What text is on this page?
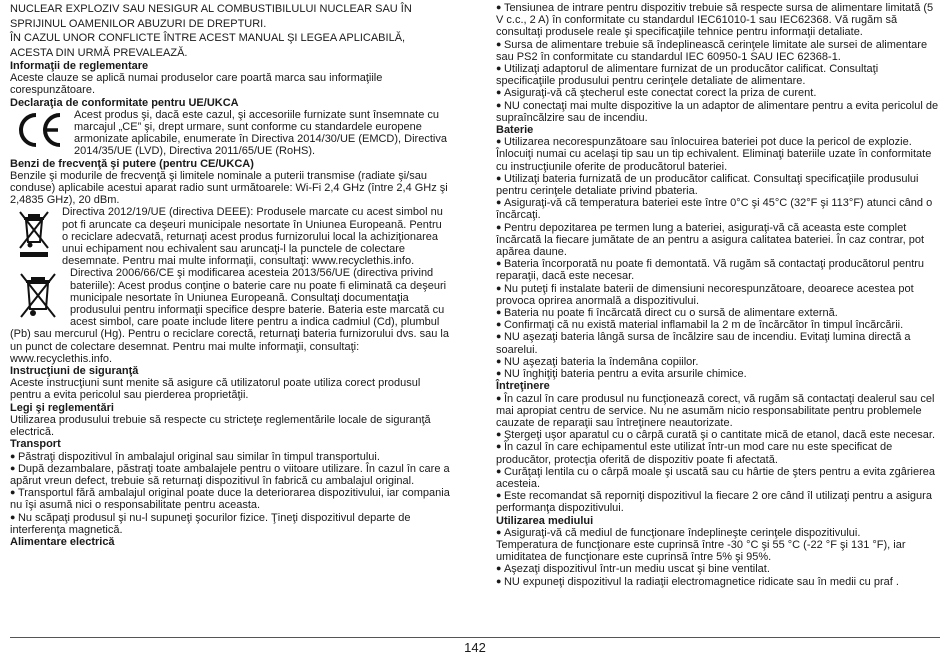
NUCLEAR EXPLOZIV SAU NESIGUR AL COMBUSTIBILULUI NUCLEAR SAU ÎN SPRIJINUL OAMENILOR ABUZURI DE DREPTURI.

ÎN CAZUL UNOR CONFLICTE ÎNTRE ACEST MANUAL ŞI LEGEA APLICABILĂ, ACESTA DIN URMĂ PREVALEAZĂ.

Informaţii de reglementare

Aceste clauze se aplică numai produselor care poartă marca sau informaţiile corespunzătoare.

Declaraţia de conformitate pentru UE/UKCA

Acest produs şi, dacă este cazul, şi accesoriile furnizate sunt însemnate cu marcajul „CE” şi, drept urmare, sunt conforme cu standardele europene armonizate aplicabile, enumerate în Directiva 2014/30/UE (EMCD), Directiva 2014/35/UE (LVD), Directiva 2011/65/UE (RoHS).

Benzi de frecvenţă şi putere (pentru CE/UKCA)

Benzile şi modurile de frecvenţă şi limitele nominale a puterii transmise (radiate şi/sau conduse) aplicabile acestui aparat radio sunt următoarele: Wi-Fi 2,4 GHz (între 2,4 GHz şi 2,4835 GHz), 20 dBm.

Directiva 2012/19/UE (directiva DEEE): Produsele marcate cu acest simbol nu pot fi aruncate ca deşeuri municipale nesortate în Uniunea Europeană. Pentru o reciclare adecvată, returnaţi acest produs furnizorului local la achiziţionarea unui echipament nou echivalent sau aruncaţi-l la punctele de colectare desemnate. Pentru mai multe informaţii, consultaţi: www.recyclethis.info.

Directiva 2006/66/CE şi modificarea acesteia 2013/56/UE (directiva privind bateriile): Acest produs conţine o baterie care nu poate fi eliminată ca deşeuri municipale nesortate în Uniunea Europeană. Consultaţi documentaţia produsului pentru informaţii specifice despre baterie. Bateria este marcată cu acest simbol, care poate include litere pentru a indica cadmiul (Cd), plumbul (Pb) sau mercurul (Hg). Pentru o reciclare corectă, returnaţi bateria furnizorului dvs. sau la un punct de colectare desemnat. Pentru mai multe informaţii, consultaţi: www.recyclethis.info.

Instrucţiuni de siguranţă

Aceste instrucţiuni sunt menite să asigure că utilizatorul poate utiliza corect produsul pentru a evita pericolul sau pierderea proprietăţii.

Legi şi reglementări

Utilizarea produsului trebuie să respecte cu stricteţe reglementările locale de siguranţă electrică.

Transport

● Păstraţi dispozitivul în ambalajul original sau similar în timpul transportului.

● După dezambalare, păstraţi toate ambalajele pentru o viitoare utilizare. În cazul în care a apărut vreun defect, trebuie să returnaţi dispozitivul în fabrică cu ambalajul original.

● Transportul fără ambalajul original poate duce la deteriorarea dispozitivului, iar compania nu îşi asumă nici o responsabilitate pentru aceasta.

● Nu scăpaţi produsul şi nu-l supuneţi şocurilor fizice. Ţineţi dispozitivul departe de interferenţa magnetică.

Alimentare electrică

● Tensiunea de intrare pentru dispozitiv trebuie să respecte sursa de alimentare limitată (5 V c.c., 2 A) în conformitate cu standardul IEC61010-1 sau IEC62368. Vă rugăm să consultaţi produsele reale şi specificaţiile tehnice pentru informaţii detaliate.

● Sursa de alimentare trebuie să îndeplinească cerinţele limitate ale sursei de alimentare sau PS2 în conformitate cu standardul IEC 60950-1 SAU IEC 62368-1.

● Utilizaţi adaptorul de alimentare furnizat de un producător calificat. Consultaţi specificaţiile produsului pentru cerinţele detaliate de alimentare.

● Asiguraţi-vă că ştecherul este conectat corect la priza de curent.

● NU conectaţi mai multe dispozitive la un adaptor de alimentare pentru a evita pericolul de supraîncălzire sau de incendiu.

Baterie

● Utilizarea necorespunzătoare sau înlocuirea bateriei pot duce la pericol de explozie. Înlocuiţi numai cu acelaşi tip sau un tip echivalent. Eliminaţi bateriile uzate în conformitate cu instrucţiunile oferite de producătorul bateriei.

● Utilizaţi bateria furnizată de un producător calificat. Consultaţi specificaţiile produsului pentru cerinţele detaliate privind pbateria.

● Asiguraţi-vă că temperatura bateriei este între 0°C şi 45°C (32°F şi 113°F) atunci când o încărcaţi.

● Pentru depozitarea pe termen lung a bateriei, asiguraţi-vă că aceasta este complet încărcată la fiecare jumătate de an pentru a asigura calitatea bateriei. În caz contrar, pot apărea daune.

● Bateria încorporată nu poate fi demontată. Vă rugăm să contactaţi producătorul pentru reparaţii, dacă este necesar.

● Nu puteţi fi instalate baterii de dimensiuni necorespunzătoare, deoarece acestea pot provoca oprirea anormală a dispozitivului.

● Bateria nu poate fi încărcată direct cu o sursă de alimentare externă.

● Confirmaţi că nu există material inflamabil la 2 m de încărcător în timpul încărcării.

● NU aşezaţi bateria lângă sursa de încălzire sau de incendiu. Evitaţi lumina directă a soarelui.

● NU aşezaţi bateria la îndemâna copiilor.

● NU înghiţiţi bateria pentru a evita arsurile chimice.

Întreţinere

● În cazul în care produsul nu funcţionează corect, vă rugăm să contactaţi dealerul sau cel mai apropiat centru de service. Nu ne asumăm nicio responsabilitate pentru problemele cauzate de reparaţii sau întreţinere neautorizate.

● Ştergeţi uşor aparatul cu o cârpă curată şi o cantitate mică de etanol, dacă este necesar.

● În cazul în care echipamentul este utilizat într-un mod care nu este specificat de producător, protecţia oferită de dispozitiv poate fi afectată.

● Curăţaţi lentila cu o cârpă moale şi uscată sau cu hârtie de şters pentru a evita zgârierea acesteia.

● Este recomandat să reporniţi dispozitivul la fiecare 2 ore când îl utilizaţi pentru a asigura performanţa dispozitivului.

Utilizarea mediului

● Asiguraţi-vă că mediul de funcţionare îndeplineşte cerinţele dispozitivului.

Temperatura de funcţionare este cuprinsă între -30 °C şi 55 °C (-22 °F şi 131 °F), iar umiditatea de funcţionare este cuprinsă între 5% şi 95%.

● Aşezaţi dispozitivul într-un mediu uscat şi bine ventilat.

● NU expuneţi dispozitivul la radiaţii electromagnetice ridicate sau în medii cu praf .

142
